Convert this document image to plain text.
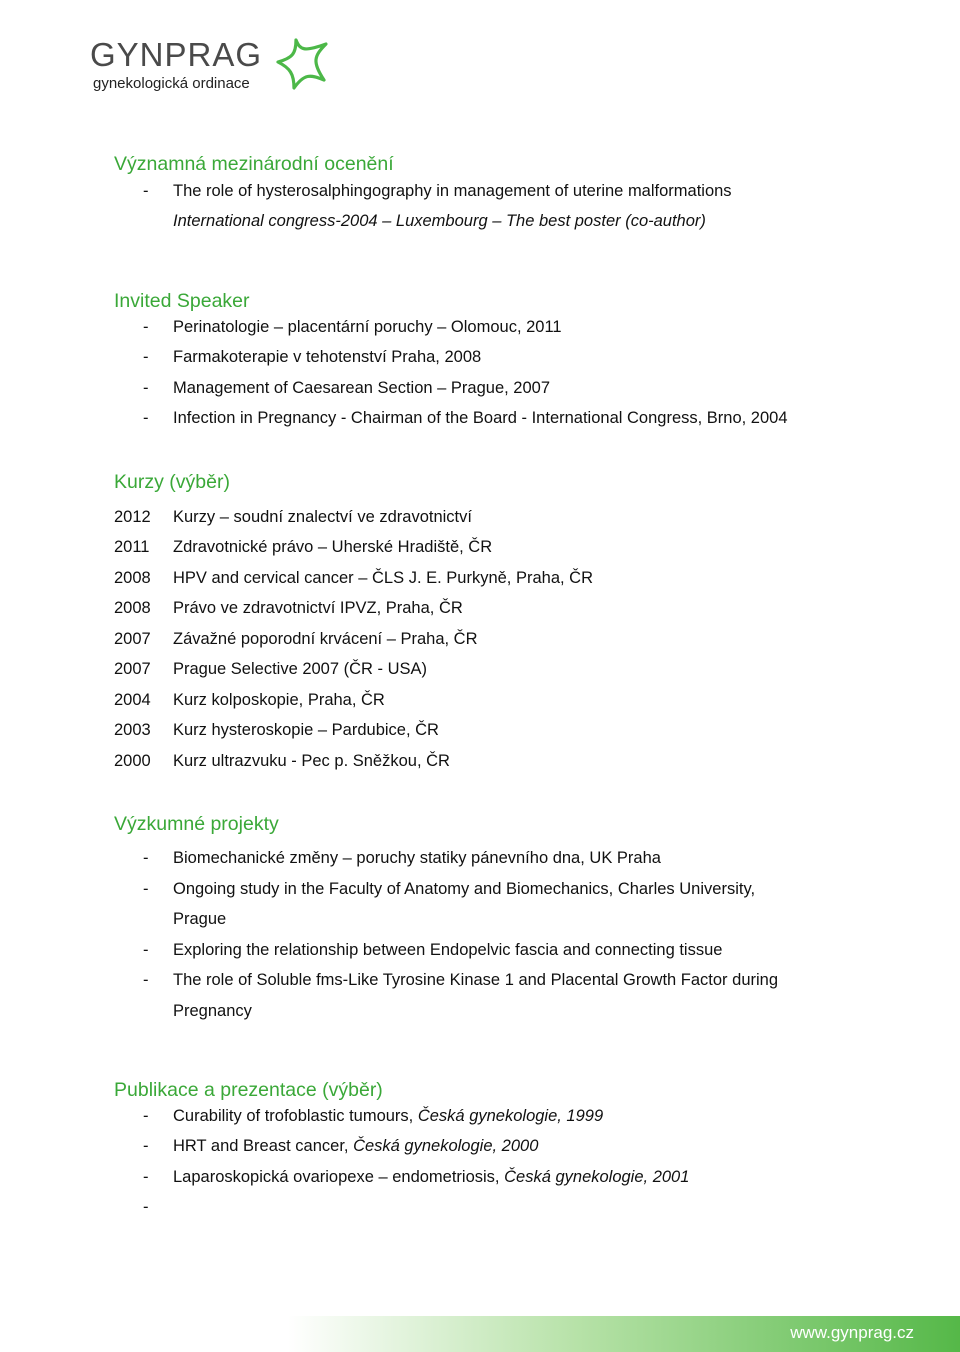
GYNPRAG
gynekologická ordinace
Významná mezinárodní ocenění
- The role of hysterosalphingography in management of uterine malformations
International congress-2004 – Luxembourg – The best poster (co-author)
Invited Speaker
- Perinatologie – placentární poruchy – Olomouc, 2011
- Farmakoterapie v tehotenství Praha, 2008
- Management of Caesarean Section – Prague, 2007
- Infection in Pregnancy - Chairman of the Board - International Congress, Brno, 2004
Kurzy (výběr)
2012 Kurzy – soudní znalectví ve zdravotnictví
2011 Zdravotnické právo – Uherské Hradiště, ČR
2008 HPV and cervical cancer – ČLS J. E. Purkyně, Praha, ČR
2008 Právo ve zdravotnictví IPVZ, Praha, ČR
2007 Závažné poporodní krvácení – Praha, ČR
2007 Prague Selective 2007 (ČR - USA)
2004 Kurz kolposkopie, Praha, ČR
2003 Kurz hysteroskopie – Pardubice, ČR
2000 Kurz ultrazvuku - Pec p. Sněžkou, ČR
Výzkumné projekty
- Biomechanické změny – poruchy statiky pánevního dna, UK Praha
- Ongoing study in the Faculty of Anatomy and Biomechanics, Charles University,
Prague
- Exploring the relationship between Endopelvic fascia and connecting tissue
- The role of Soluble fms-Like Tyrosine Kinase 1 and Placental Growth Factor during
Pregnancy
Publikace a prezentace (výběr)
- Curability of trofoblastic tumours, Česká gynekologie, 1999
- HRT and Breast cancer, Česká gynekologie, 2000
- Laparoskopická ovariopexe – endometriosis, Česká gynekologie, 2001
-
www.gynprag.cz
